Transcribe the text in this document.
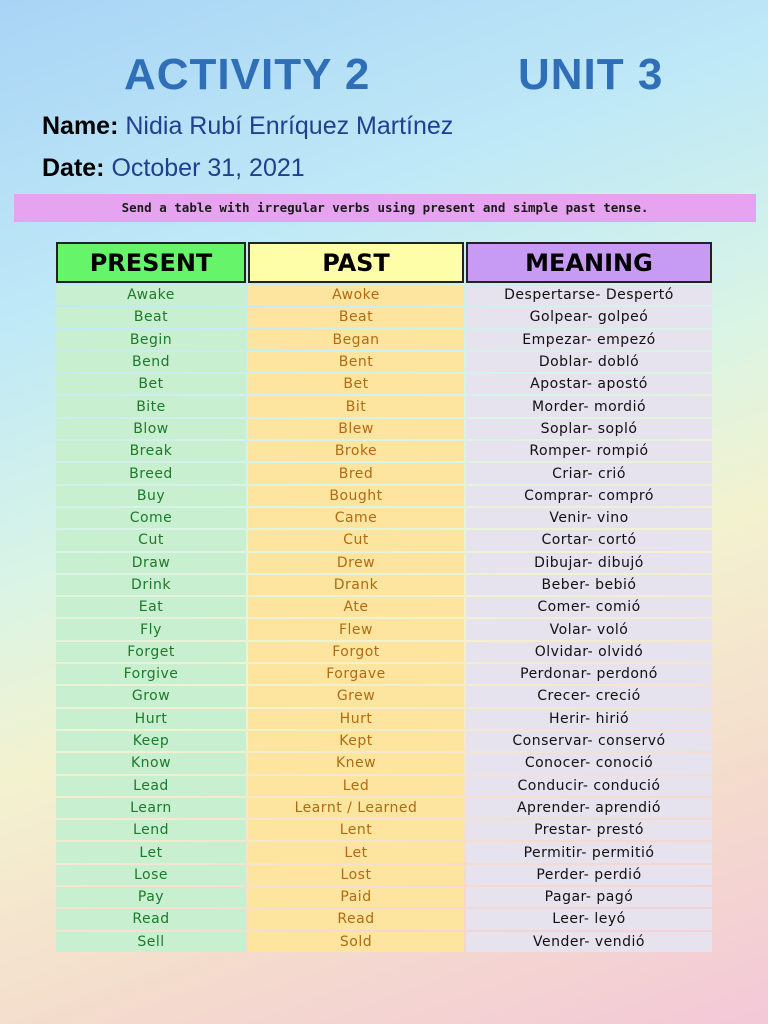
ACTIVITY 2	UNIT 3
Name: Nidia Rubí Enríquez Martínez
Date: October 31, 2021
Send a table with irregular verbs using present and simple past tense.
PRESENT	PAST	MEANING
Awake	Awoke	Despertarse- Despertó
Beat	Beat	Golpear- golpeó
Begin	Began	Empezar- empezó
Bend	Bent	Doblar- dobló
Bet	Bet	Apostar- apostó
Bite	Bit	Morder- mordió
Blow	Blew	Soplar- sopló
Break	Broke	Romper- rompió
Breed	Bred	Criar- crió
Buy	Bought	Comprar- compró
Come	Came	Venir- vino
Cut	Cut	Cortar- cortó
Draw	Drew	Dibujar- dibujó
Drink	Drank	Beber- bebió
Eat	Ate	Comer- comió
Fly	Flew	Volar- voló
Forget	Forgot	Olvidar- olvidó
Forgive	Forgave	Perdonar- perdonó
Grow	Grew	Crecer- creció
Hurt	Hurt	Herir- hirió
Keep	Kept	Conservar- conservó
Know	Knew	Conocer- conoció
Lead	Led	Conducir- condució
Learn	Learnt / Learned	Aprender- aprendió
Lend	Lent	Prestar- prestó
Let	Let	Permitir- permitió
Lose	Lost	Perder- perdió
Pay	Paid	Pagar- pagó
Read	Read	Leer- leyó
Sell	Sold	Vender- vendió
